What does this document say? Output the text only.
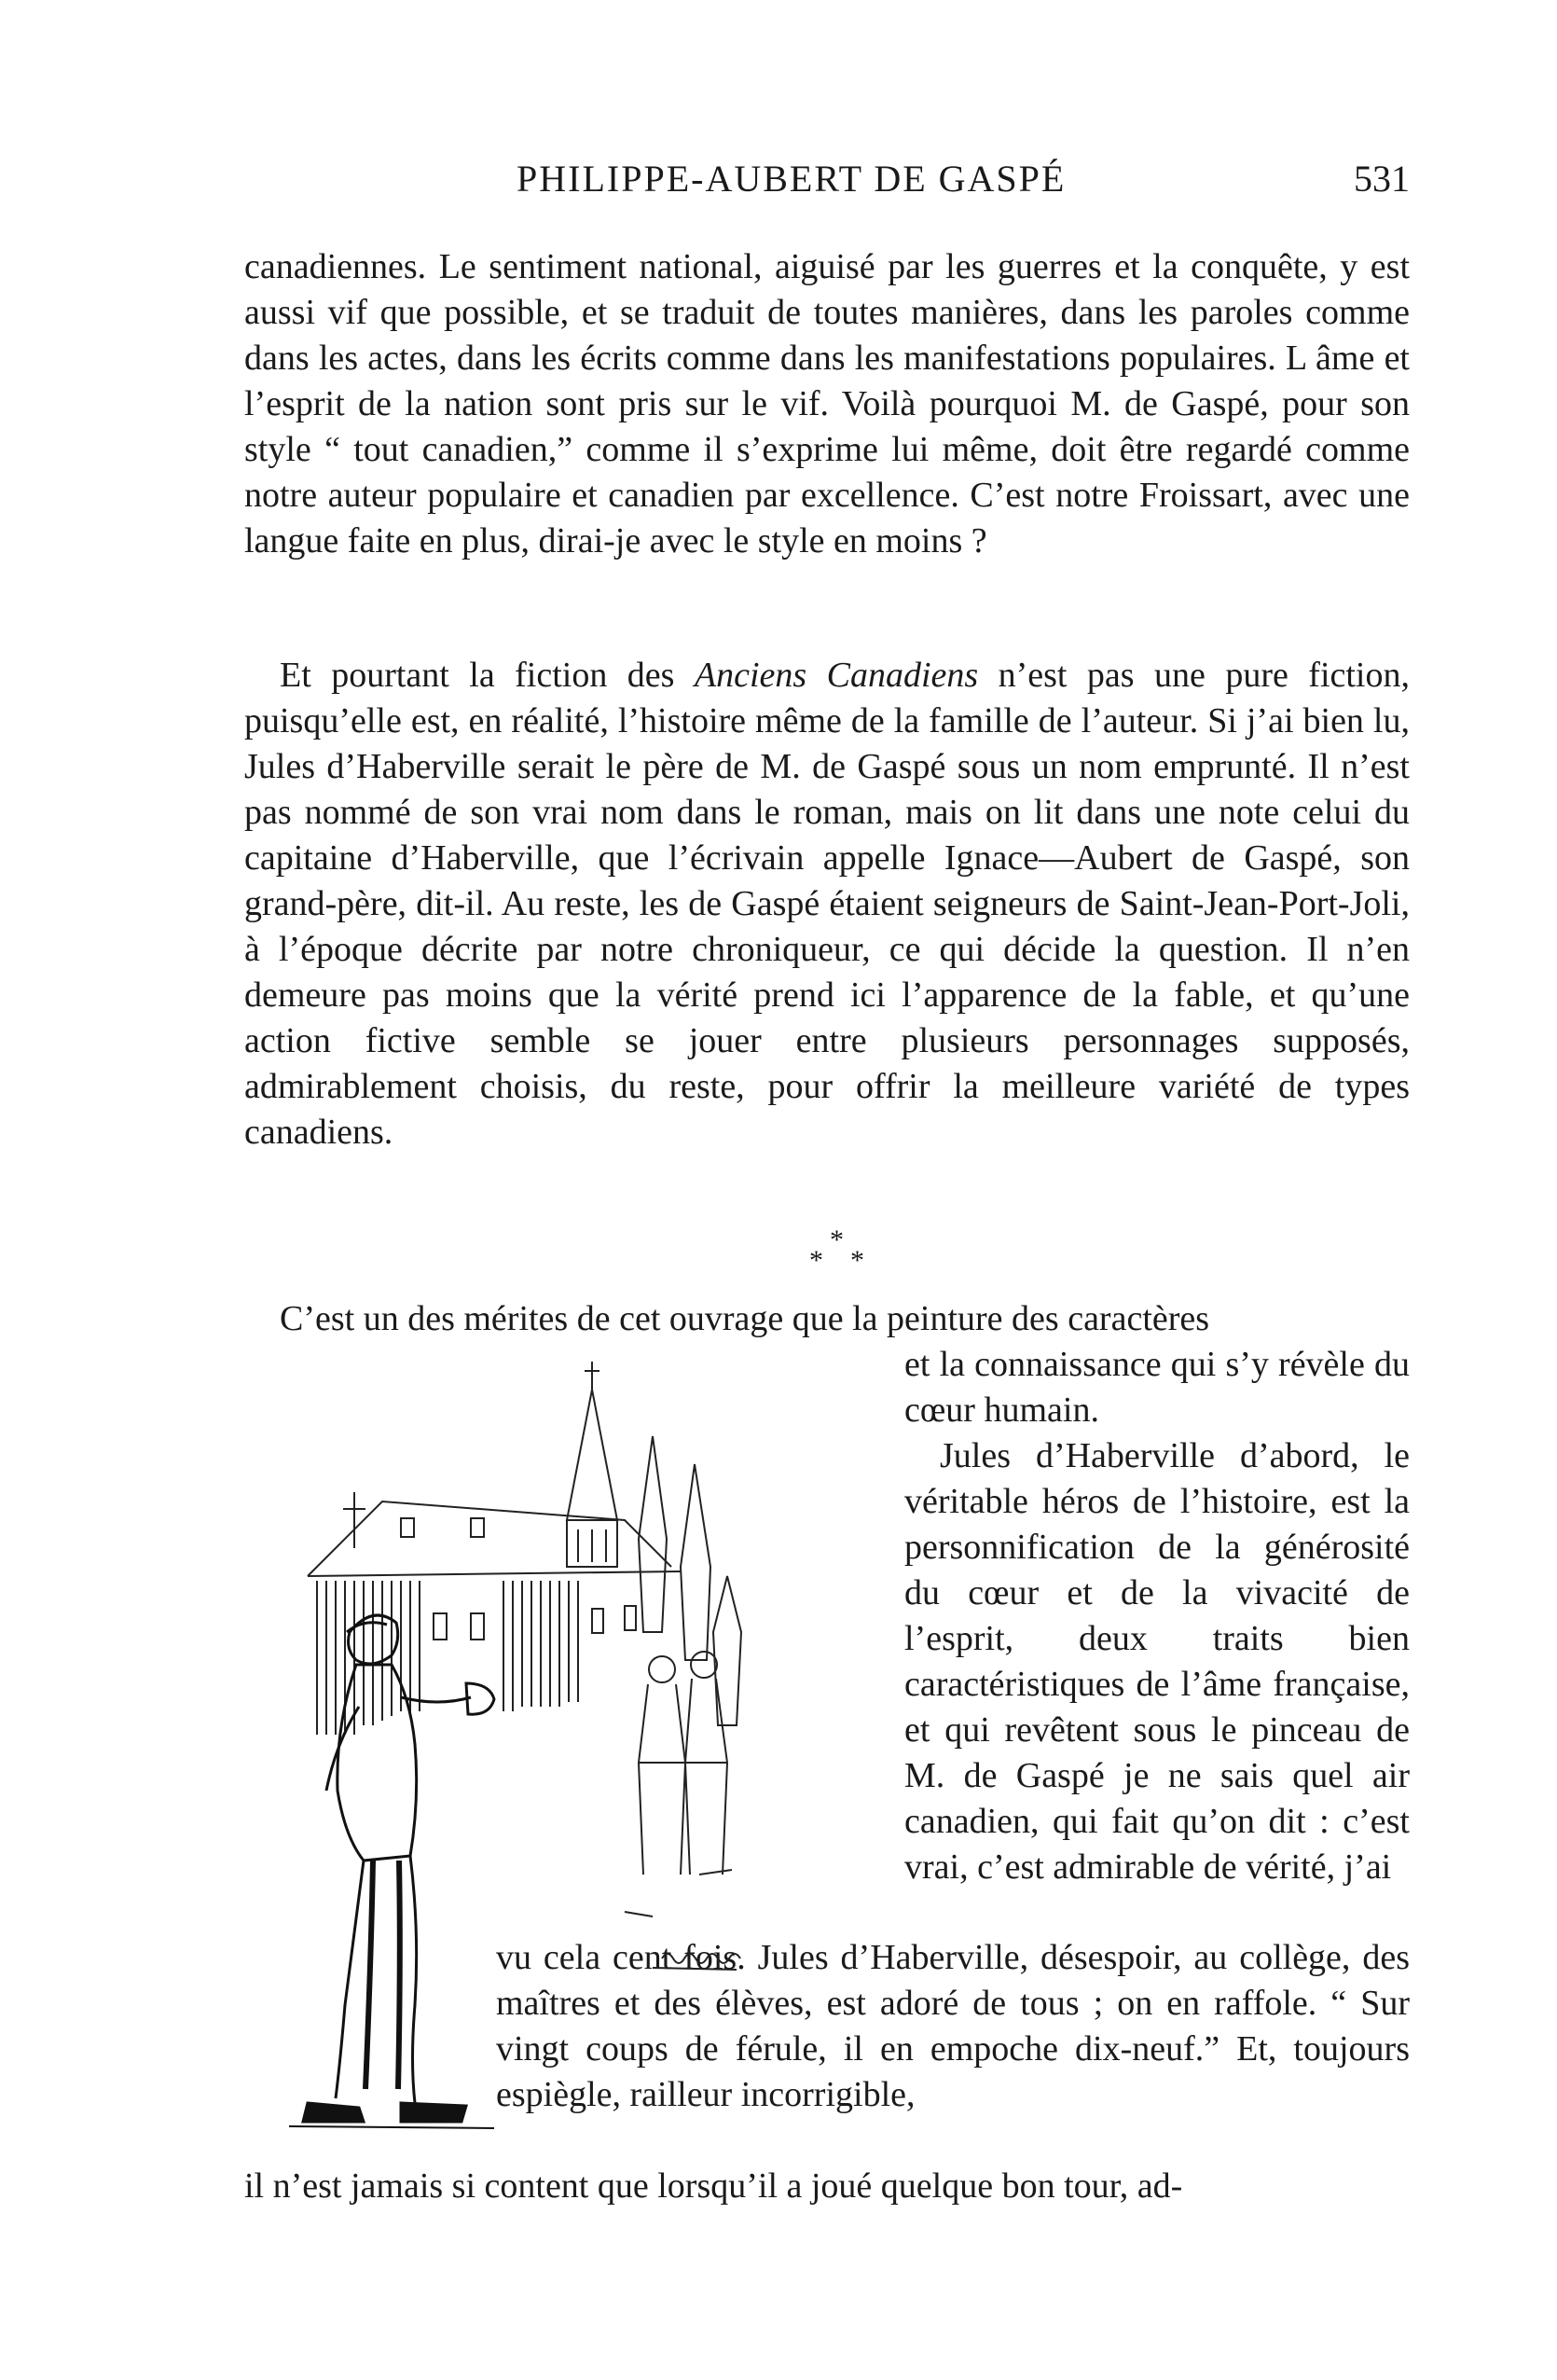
PHILIPPE-AUBERT DE GASPÉ	531
canadiennes. Le sentiment national, aiguisé par les guerres et la conquête, y est aussi vif que possible, et se traduit de toutes manières, dans les paroles comme dans les actes, dans les écrits comme dans les manifestations populaires. L âme et l’esprit de la nation sont pris sur le vif. Voilà pourquoi M. de Gaspé, pour son style “ tout canadien,” comme il s’exprime lui même, doit être regardé comme notre auteur populaire et canadien par excellence. C’est notre Froissart, avec une langue faite en plus, dirai-je avec le style en moins ?
Et pourtant la fiction des Anciens Canadiens n’est pas une pure fiction, puisqu’elle est, en réalité, l’histoire même de la famille de l’auteur. Si j’ai bien lu, Jules d’Haberville serait le père de M. de Gaspé sous un nom emprunté. Il n’est pas nommé de son vrai nom dans le roman, mais on lit dans une note celui du capitaine d’Haberville, que l’écrivain appelle Ignace—Aubert de Gaspé, son grand-père, dit-il. Au reste, les de Gaspé étaient seigneurs de Saint-Jean-Port-Joli, à l’époque décrite par notre chroniqueur, ce qui décide la question. Il n’en demeure pas moins que la vérité prend ici l’apparence de la fable, et qu’une action fictive semble se jouer entre plusieurs personnages supposés, admirablement choisis, du reste, pour offrir la meilleure variété de types canadiens.
*
* *
C’est un des mérites de cet ouvrage que la peinture des caractères
et la connaissance qui s’y révèle du cœur humain.
Jules d’Haberville d’abord, le véritable héros de l’histoire, est la personnification de la générosité du cœur et de la vivacité de l’esprit, deux traits bien caractéristiques de l’âme française, et qui revêtent sous le pinceau de M. de Gaspé je ne sais quel air canadien, qui fait qu’on dit : c’est vrai, c’est admirable de vérité, j’ai
vu cela cent fois. Jules d’Haberville, désespoir, au collège, des maîtres et des élèves, est adoré de tous ; on en raffole. “ Sur vingt coups de férule, il en empoche dix-neuf.” Et, toujours espiègle, railleur incorrigible,
il n’est jamais si content que lorsqu’il a joué quelque bon tour, ad-
